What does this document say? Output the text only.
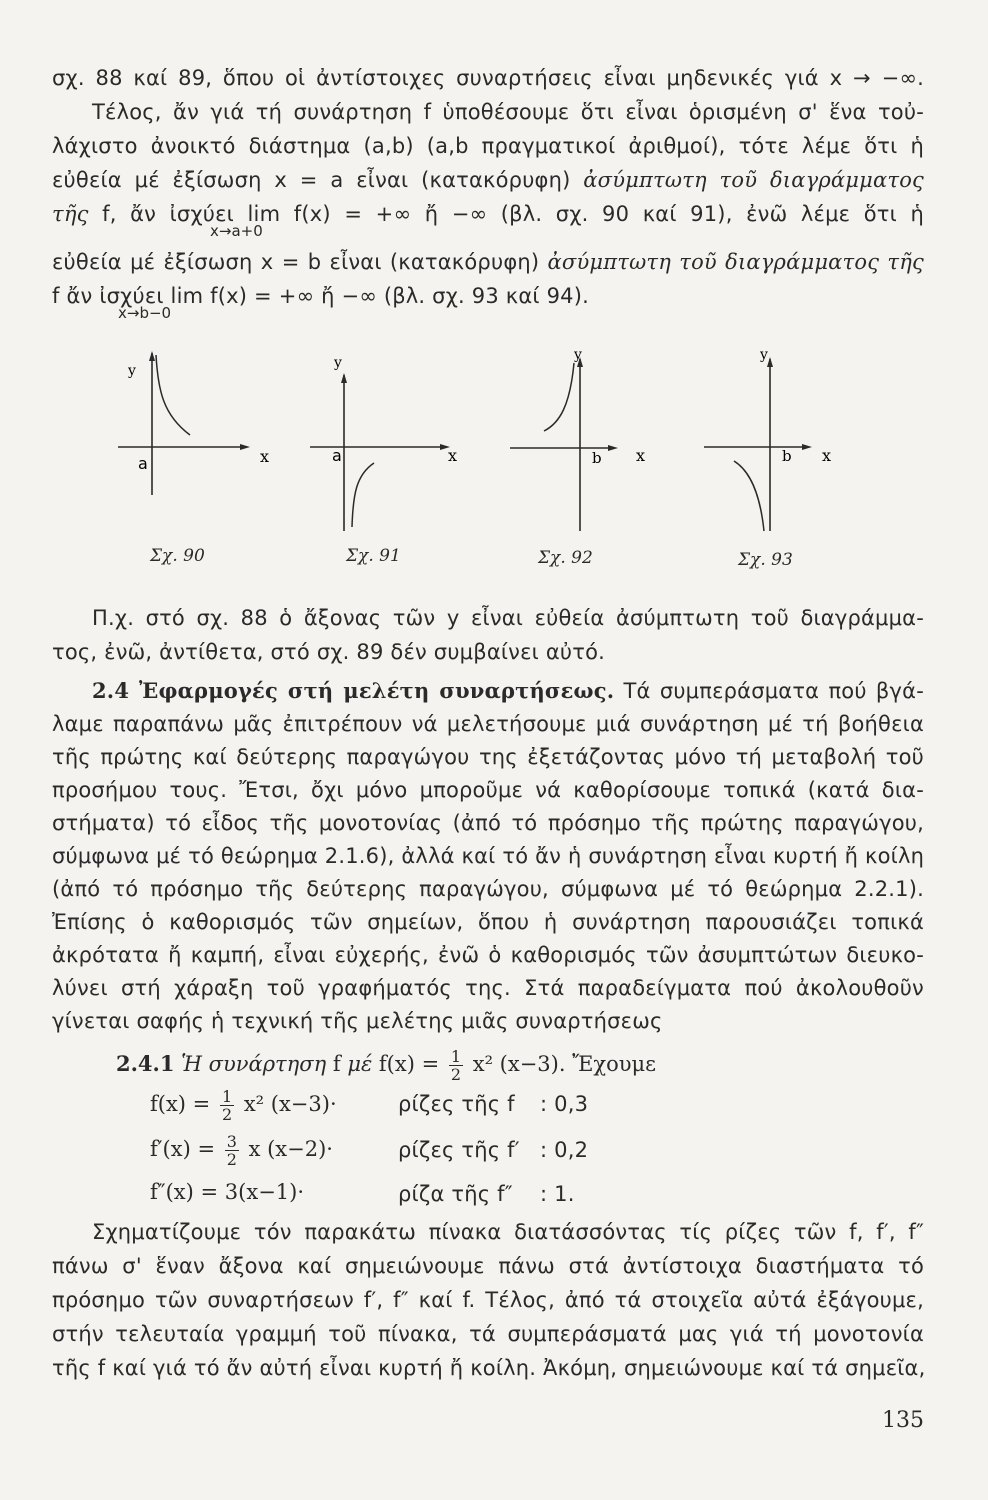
σχ. 88 καί 89, ὅπου οἱ ἀντίστοιχες συναρτήσεις εἶναι μηδενικές γιά x → −∞.
Τέλος, ἄν γιά τή συνάρτηση f ὑποθέσουμε ὅτι εἶναι ὁρισμένη σ' ἕνα τοὐ-
λάχιστο ἀνοικτό διάστημα (a,b) (a,b πραγματικοί ἀριθμοί), τότε λέμε ὅτι ἡ
εὐθεία μέ ἐξίσωση x = a εἶναι (κατακόρυφη) ἀσύμπτωτη τοῦ διαγράμματος
τῆς f, ἄν ἰσχύει lim f(x) = +∞ ἤ −∞ (βλ. σχ. 90 καί 91), ἐνῶ λέμε ὅτι ἡ
x→a+0
εὐθεία μέ ἐξίσωση x = b εἶναι (κατακόρυφη) ἀσύμπτωτη τοῦ διαγράμματος τῆς
f ἄν ἰσχύει lim f(x) = +∞ ἤ −∞ (βλ. σχ. 93 καί 94).
x→b−0
y
a	x
Σχ. 90
y
a	x
Σχ. 91
y
b x
Σχ. 92
y
b x
Σχ. 93
Π.χ. στό σχ. 88 ὁ ἄξονας τῶν y εἶναι εὐθεία ἀσύμπτωτη τοῦ διαγράμμα-
τος, ἐνῶ, ἀντίθετα, στό σχ. 89 δέν συμβαίνει αὐτό.
2.4 Ἐφαρμογές στή μελέτη συναρτήσεως. Τά συμπεράσματα πού βγά-
λαμε παραπάνω μᾶς ἐπιτρέπουν νά μελετήσουμε μιά συνάρτηση μέ τή βοήθεια
τῆς πρώτης καί δεύτερης παραγώγου της ἐξετάζοντας μόνο τή μεταβολή τοῦ
προσήμου τους. Ἔτσι, ὄχι μόνο μποροῦμε νά καθορίσουμε τοπικά (κατά δια-
στήματα) τό εἶδος τῆς μονοτονίας (ἀπό τό πρόσημο τῆς πρώτης παραγώγου,
σύμφωνα μέ τό θεώρημα 2.1.6), ἀλλά καί τό ἄν ἡ συνάρτηση εἶναι κυρτή ἤ κοίλη
(ἀπό τό πρόσημο τῆς δεύτερης παραγώγου, σύμφωνα μέ τό θεώρημα 2.2.1).
Ἐπίσης ὁ καθορισμός τῶν σημείων, ὅπου ἡ συνάρτηση παρουσιάζει τοπικά
ἀκρότατα ἤ καμπή, εἶναι εὐχερής, ἐνῶ ὁ καθορισμός τῶν ἀσυμπτώτων διευκο-
λύνει στή χάραξη τοῦ γραφήματός της. Στά παραδείγματα πού ἀκολουθοῦν
γίνεται σαφής ἡ τεχνική τῆς μελέτης μιᾶς συναρτήσεως
2.4.1 Ἡ συνάρτηση f μέ $f(x) = \frac{1}{2} x^2$ (x−3). Ἔχουμε
$f(x) = \frac{1}{2} x^2$ (x−3)·	ρίζες τῆς f	: 0,3
$f'(x) = \frac{3}{2}$ x (x−2)·	ρίζες τῆς f′ : 0,2
f″(x) = 3(x−1)·	ρίζα τῆς f″	: 1.
Σχηματίζουμε τόν παρακάτω πίνακα διατάσσόντας τίς ρίζες τῶν f, f′, f″
πάνω σ' ἕναν ἄξονα καί σημειώνουμε πάνω στά ἀντίστοιχα διαστήματα τό
πρόσημο τῶν συναρτήσεων f′, f″ καί f. Τέλος, ἀπό τά στοιχεῖα αὐτά ἐξάγουμε,
στήν τελευταία γραμμή τοῦ πίνακα, τά συμπεράσματά μας γιά τή μονοτονία
τῆς f καί γιά τό ἄν αὐτή εἶναι κυρτή ἤ κοίλη. Ἀκόμη, σημειώνουμε καί τά σημεῖα,
135
